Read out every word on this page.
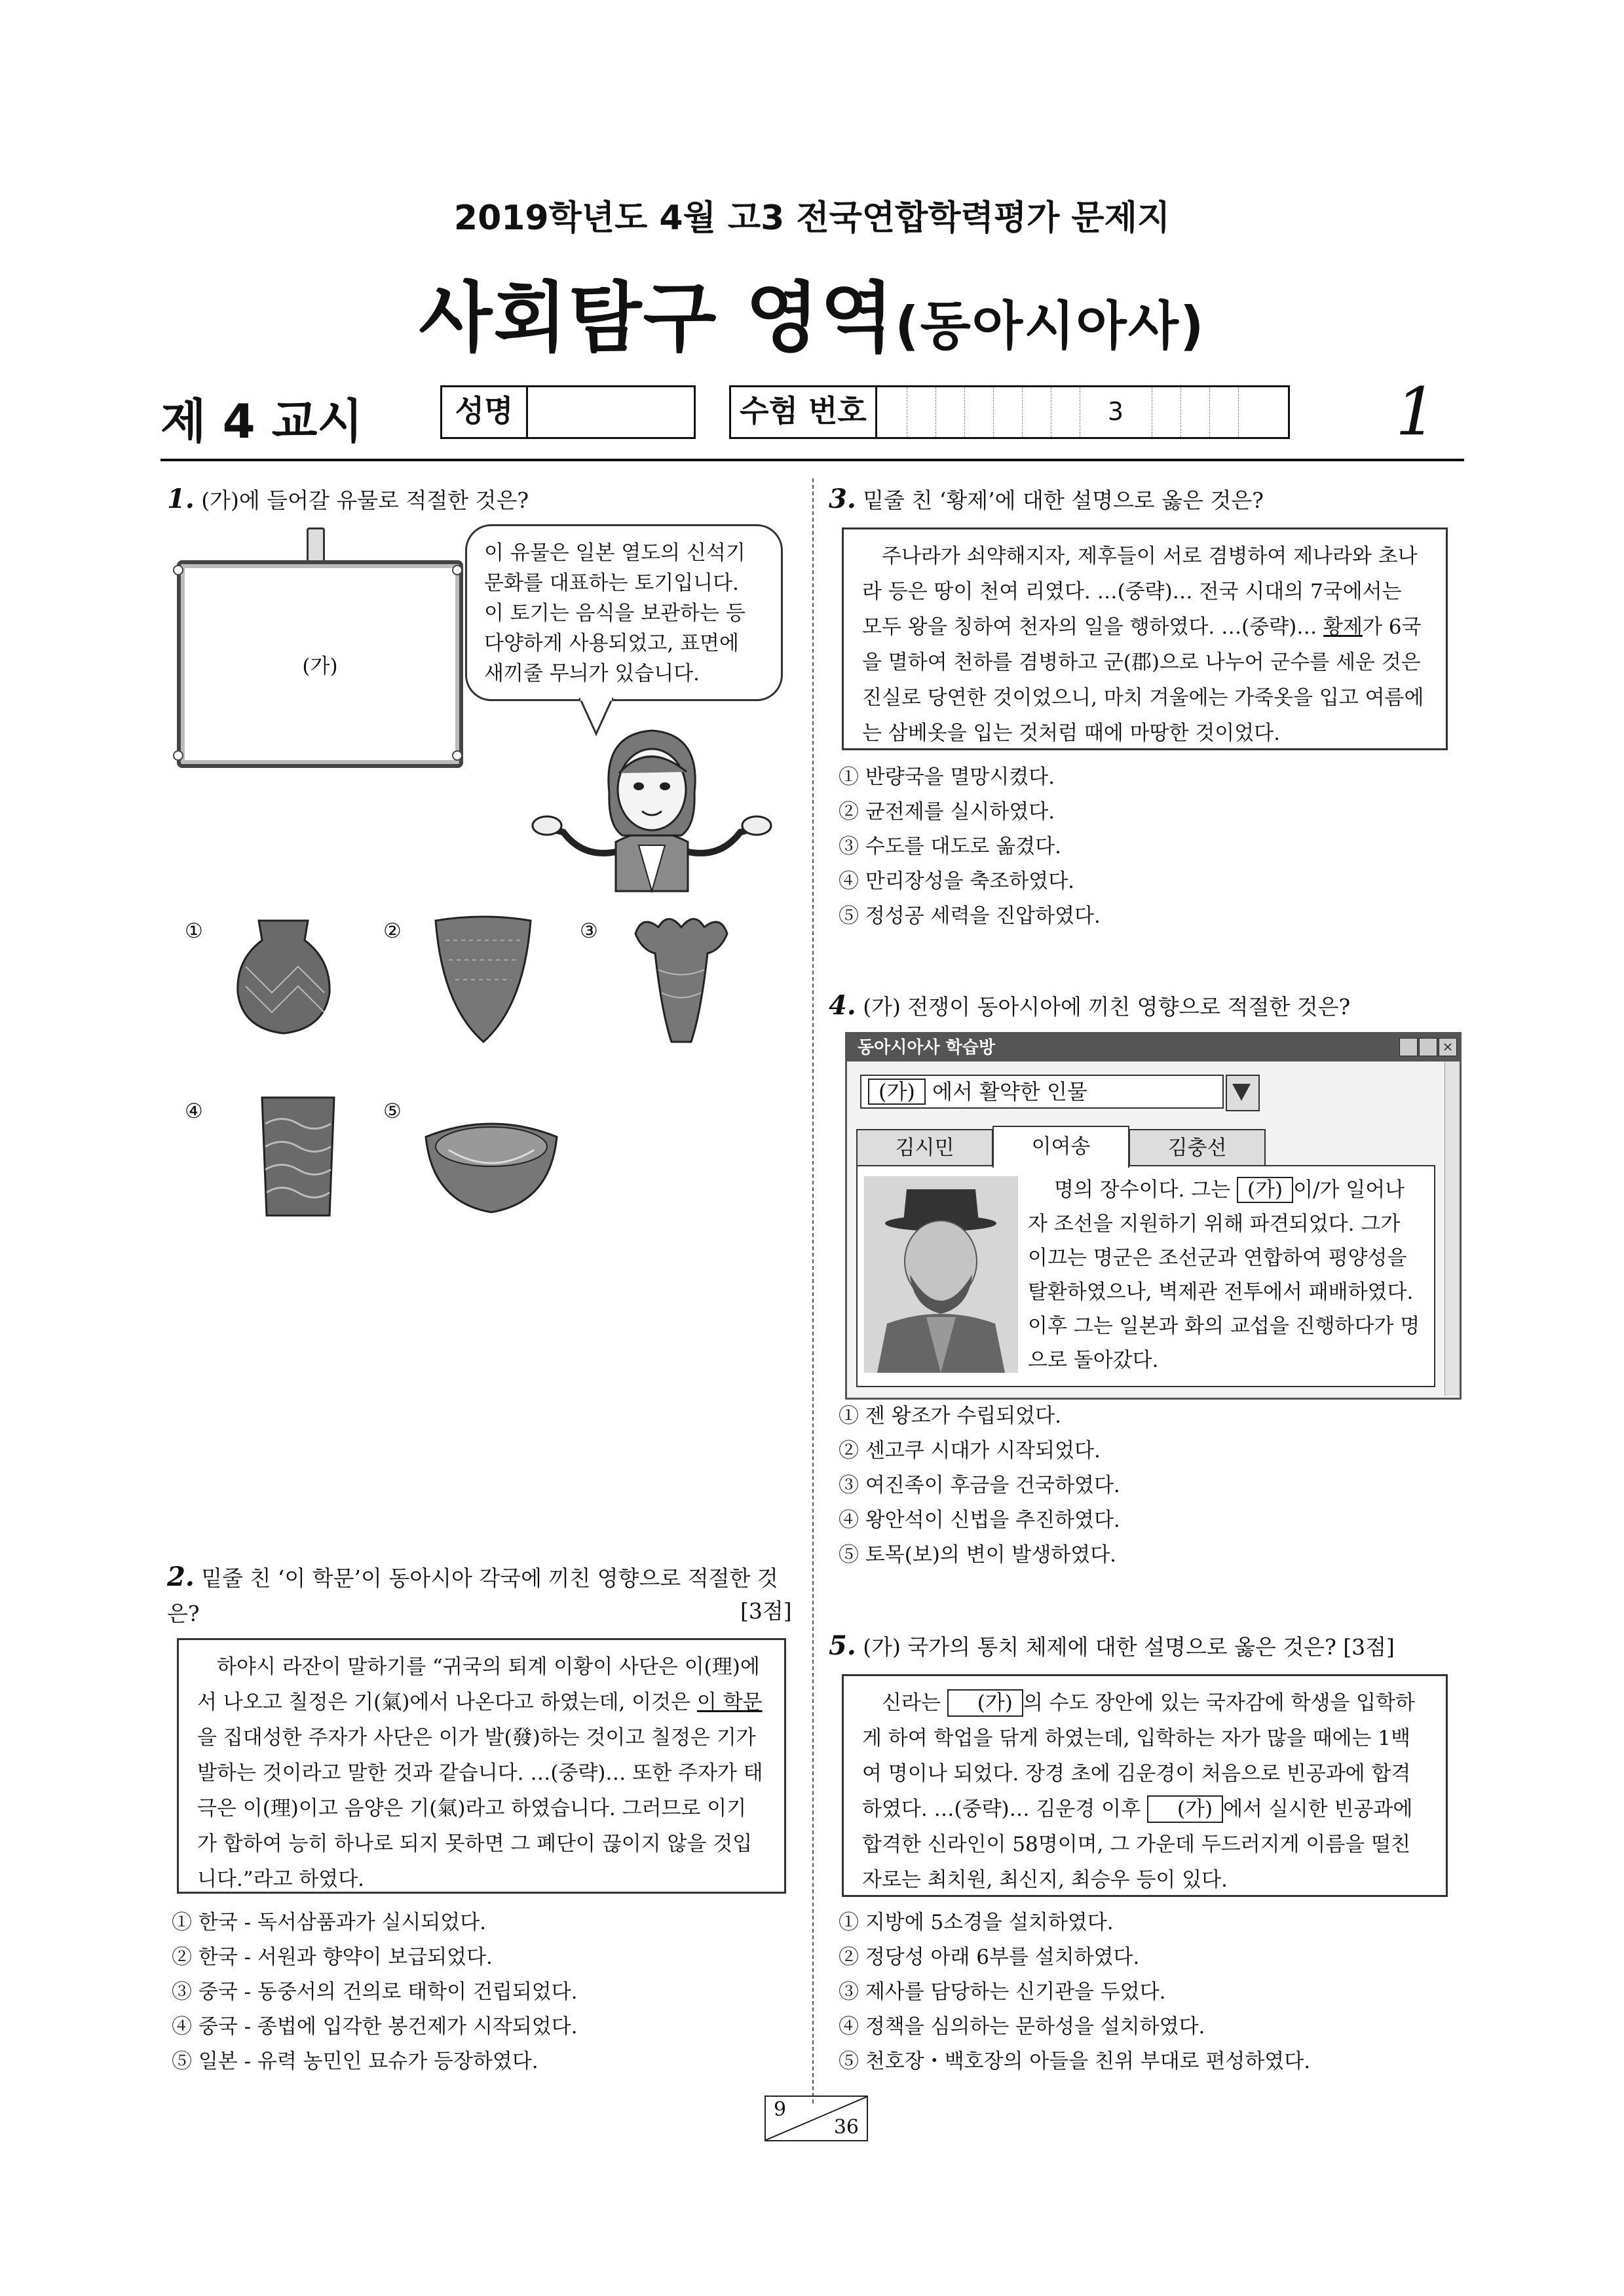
2019학년도 4월 고3 전국연합학력평가 문제지
사회탐구 영역(동아시아사)
제 4 교시	성명	수험 번호	3	1
1. (가)에 들어갈 유물로 적절한 것은?
(가)
이 유물은 일본 열도의 신석기 문화를 대표하는 토기입니다. 이 토기는 음식을 보관하는 등 다양하게 사용되었고, 표면에 새끼줄 무늬가 있습니다.
①	②	③
④	⑤
2. 밑줄 친 ‘이 학문’이 동아시아 각국에 끼친 영향으로 적절한 것은?	[3점]

하야시 라잔이 말하기를 “귀국의 퇴계 이황이 사단은 이(理)에서 나오고 칠정은 기(氣)에서 나온다고 하였는데, 이것은 이 학문을 집대성한 주자가 사단은 이가 발(發)하는 것이고 칠정은 기가 발하는 것이라고 말한 것과 같습니다. …(중략)… 또한 주자가 태극은 이(理)이고 음양은 기(氣)라고 하였습니다. 그러므로 이기가 합하여 능히 하나로 되지 못하면 그 폐단이 끊이지 않을 것입니다.”라고 하였다.

① 한국 - 독서삼품과가 실시되었다.
② 한국 - 서원과 향약이 보급되었다.
③ 중국 - 동중서의 건의로 태학이 건립되었다.
④ 중국 - 종법에 입각한 봉건제가 시작되었다.
⑤ 일본 - 유력 농민인 묘슈가 등장하였다.
3. 밑줄 친 ‘황제’에 대한 설명으로 옳은 것은?

주나라가 쇠약해지자, 제후들이 서로 겸병하여 제나라와 초나라 등은 땅이 천여 리였다. …(중략)… 전국 시대의 7국에서는 모두 왕을 칭하여 천자의 일을 행하였다. …(중략)… 황제가 6국을 멸하여 천하를 겸병하고 군(郡)으로 나누어 군수를 세운 것은 진실로 당연한 것이었으니, 마치 겨울에는 가죽옷을 입고 여름에는 삼베옷을 입는 것처럼 때에 마땅한 것이었다.

① 반량국을 멸망시켰다.
② 균전제를 실시하였다.
③ 수도를 대도로 옮겼다.
④ 만리장성을 축조하였다.
⑤ 정성공 세력을 진압하였다.
4. (가) 전쟁이 동아시아에 끼친 영향으로 적절한 것은?
동아시아사 학습방	×
(가) 에서 활약한 인물
김시민	이여송	김충선
명의 장수이다. 그는 (가) 이/가 일어나자 조선을 지원하기 위해 파견되었다. 그가 이끄는 명군은 조선군과 연합하여 평양성을 탈환하였으나, 벽제관 전투에서 패배하였다. 이후 그는 일본과 화의 교섭을 진행하다가 명으로 돌아갔다.
① 젠 왕조가 수립되었다.
② 센고쿠 시대가 시작되었다.
③ 여진족이 후금을 건국하였다.
④ 왕안석이 신법을 추진하였다.
⑤ 토목(보)의 변이 발생하였다.
5. (가) 국가의 통치 체제에 대한 설명으로 옳은 것은? [3점]

신라는 (가) 의 수도 장안에 있는 국자감에 학생을 입학하게 하여 학업을 닦게 하였는데, 입학하는 자가 많을 때에는 1백여 명이나 되었다. 장경 초에 김운경이 처음으로 빈공과에 합격하였다. …(중략)… 김운경 이후 (가) 에서 실시한 빈공과에 합격한 신라인이 58명이며, 그 가운데 두드러지게 이름을 떨친 자로는 최치원, 최신지, 최승우 등이 있다.

① 지방에 5소경을 설치하였다.
② 정당성 아래 6부를 설치하였다.
③ 제사를 담당하는 신기관을 두었다.
④ 정책을 심의하는 문하성을 설치하였다.
⑤ 천호장・백호장의 아들을 친위 부대로 편성하였다.
9
36
